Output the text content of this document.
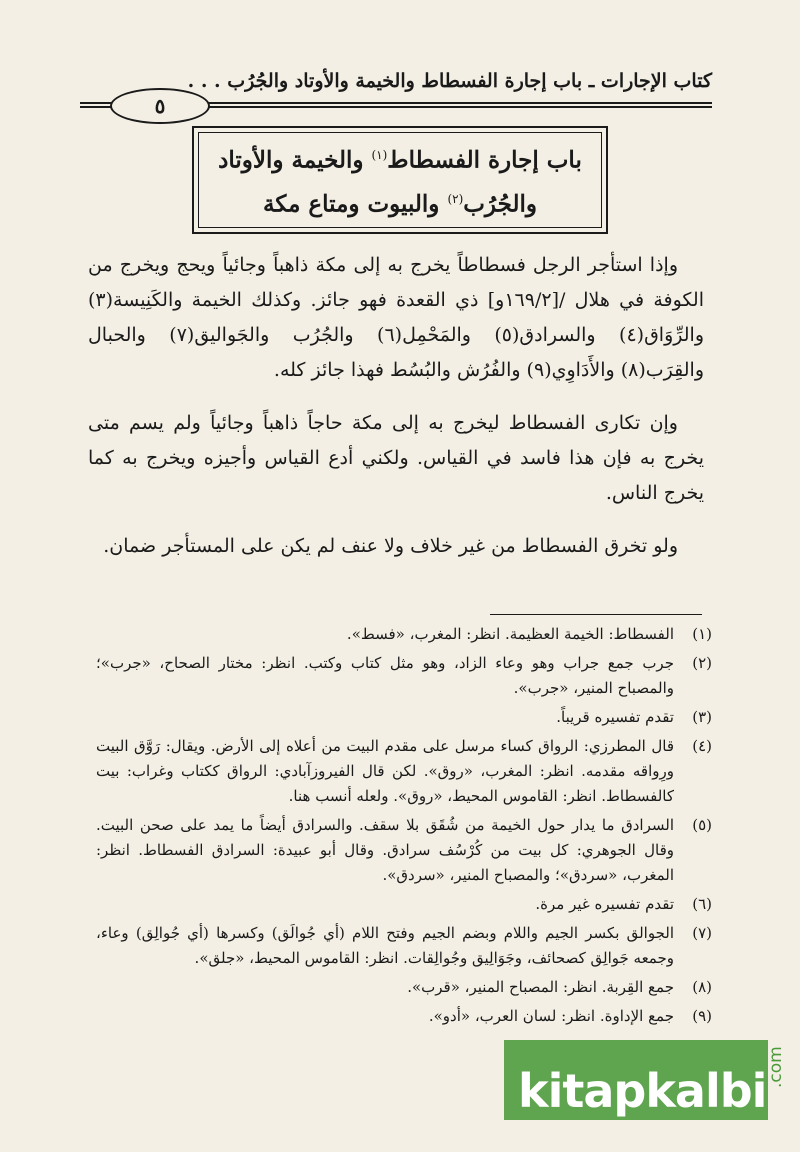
كتاب الإجارات ـ باب إجارة الفسطاط والخيمة والأوتاد والجُرُب . . .
٥
باب إجارة الفسطاط$^{(١)}$ والخيمة والأوتاد
والجُرُب$^{(٢)}$ والبيوت ومتاع مكة

وإذا استأجر الرجل فسطاطاً يخرج به إلى مكة ذاهباً وجائياً ويحج ويخرج من الكوفة في هلال /[١٦٩/٢و] ذي القعدة فهو جائز. وكذلك الخيمة والكَنِيسة(٣) والرِّوَاق(٤) والسرادق(٥) والمَحْمِل(٦) والجُرُب والجَواليق(٧) والحبال والقِرَب(٨) والأَدَاوِي(٩) والفُرُش والبُسُط فهذا جائز كله.

وإن تكارى الفسطاط ليخرج به إلى مكة حاجاً ذاهباً وجائياً ولم يسم متى يخرج به فإن هذا فاسد في القياس. ولكني أدع القياس وأجيزه ويخرج به كما يخرج الناس.

ولو تخرق الفسطاط من غير خلاف ولا عنف لم يكن على المستأجر ضمان.

(١)
الفسطاط: الخيمة العظيمة. انظر: المغرب، «فسط».
(٢)
جرب جمع جراب وهو وعاء الزاد، وهو مثل كتاب وكتب. انظر: مختار الصحاح، «جرب»؛ والمصباح المنير، «جرب».
(٣)
تقدم تفسيره قريباً.
(٤)
قال المطرزي: الرواق كساء مرسل على مقدم البيت من أعلاه إلى الأرض. ويقال: رَوَّق البيت ورِواقه مقدمه. انظر: المغرب، «روق». لكن قال الفيروزآبادي: الرواق ككتاب وغراب: بيت كالفسطاط. انظر: القاموس المحيط، «روق». ولعله أنسب هنا.
(٥)
السرادق ما يدار حول الخيمة من شُقَق بلا سقف. والسرادق أيضاً ما يمد على صحن البيت. وقال الجوهري: كل بيت من كُرْسُف سرادق. وقال أبو عبيدة: السرادق الفسطاط. انظر: المغرب، «سردق»؛ والمصباح المنير، «سردق».
(٦)
تقدم تفسيره غير مرة.
(٧)
الجوالق بكسر الجيم واللام وبضم الجيم وفتح اللام (أي جُوالَق) وكسرها (أي جُوالِق) وعاء، وجمعه جَوالِق كصحائف، وجَوَالِيق وجُوالِقات. انظر: القاموس المحيط، «جلق».
(٨)
جمع القِربة. انظر: المصباح المنير، «قرب».
(٩)
جمع الإداوة. انظر: لسان العرب، «أدو».
kitapkalbi .com
